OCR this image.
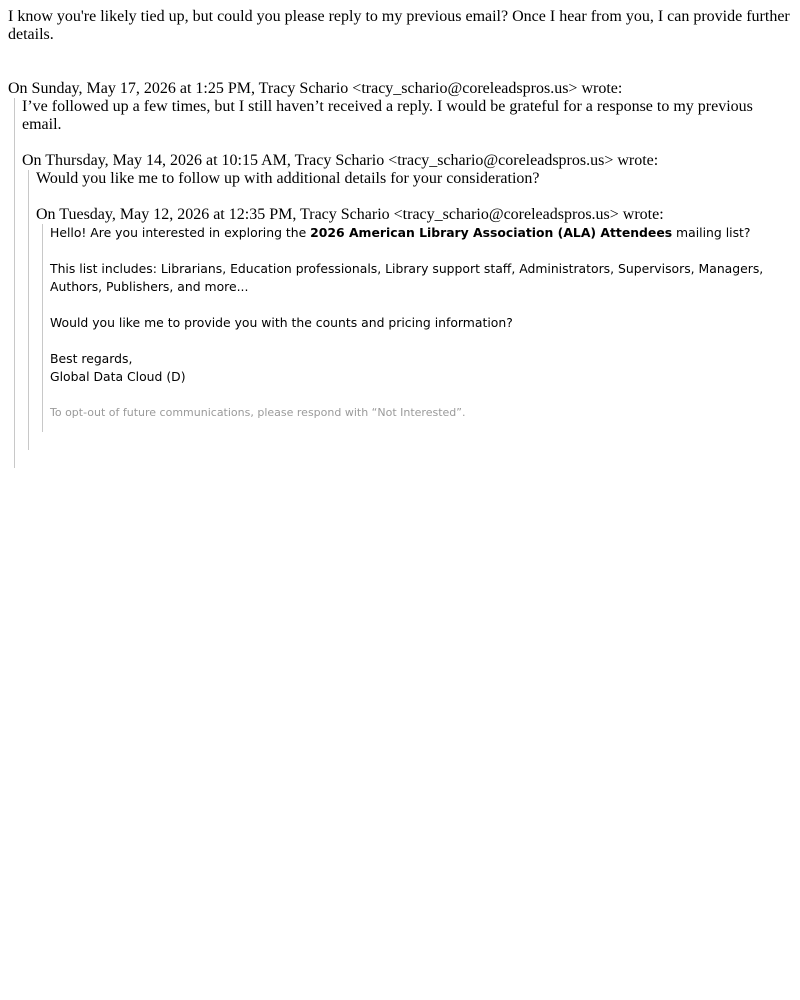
I know you're likely tied up, but could you please reply to my previous email? Once I hear from you, I can provide further details.

On Sunday, May 17, 2026 at 1:25 PM, Tracy Schario <tracy_schario@coreleadspros.us> wrote:

I’ve followed up a few times, but I still haven’t received a reply. I would be grateful for a response to my previous email.

On Thursday, May 14, 2026 at 10:15 AM, Tracy Schario <tracy_schario@coreleadspros.us> wrote:

Would you like me to follow up with additional details for your consideration?

On Tuesday, May 12, 2026 at 12:35 PM, Tracy Schario <tracy_schario@coreleadspros.us> wrote:

Hello! Are you interested in exploring the 2026 American Library Association (ALA) Attendees mailing list?

This list includes: Librarians, Education professionals, Library support staff, Administrators, Supervisors, Managers, Authors, Publishers, and more...

Would you like me to provide you with the counts and pricing information?

Best regards,

Global Data Cloud (D)

To opt-out of future communications, please respond with “Not Interested”.
